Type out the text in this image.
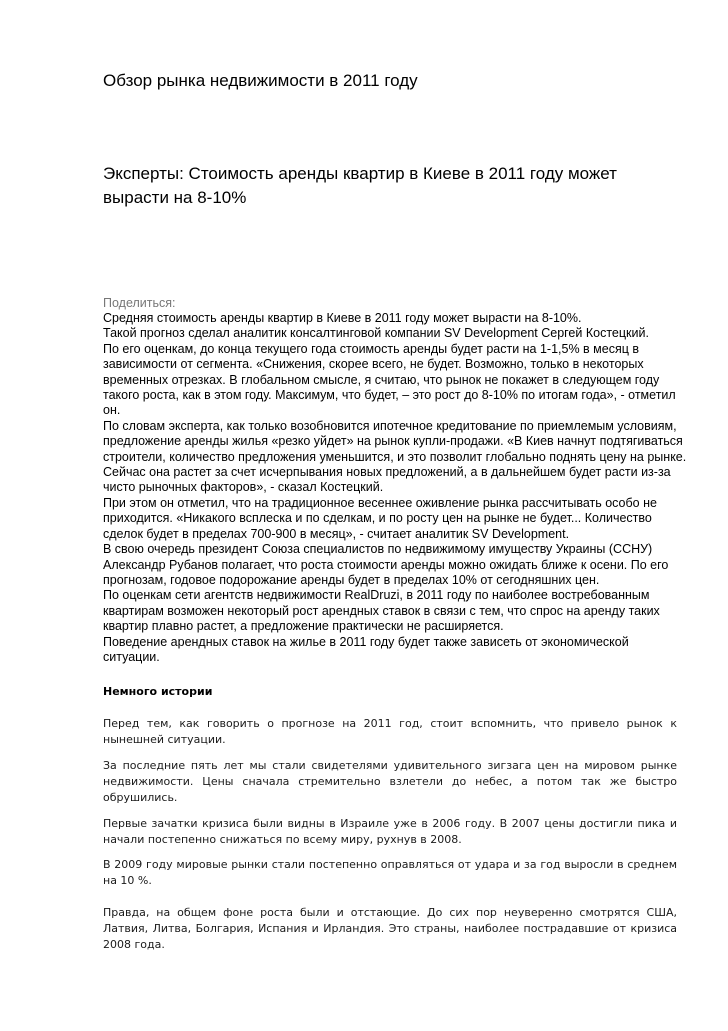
Обзор рынка недвижимости в 2011 году
Эксперты: Стоимость аренды квартир в Киеве в 2011 году может вырасти на 8-10%
Поделиться:

Средняя стоимость аренды квартир в Киеве в 2011 году может вырасти на 8-10%.

Такой прогноз сделал аналитик консалтинговой компании SV Development Сергей Костецкий.

По его оценкам, до конца текущего года стоимость аренды будет расти на 1-1,5% в месяц в зависимости от сегмента. «Снижения, скорее всего, не будет. Возможно, только в некоторых временных отрезках. В глобальном смысле, я считаю, что рынок не покажет в следующем году такого роста, как в этом году. Максимум, что будет, – это рост до 8-10% по итогам года», - отметил он.

По словам эксперта, как только возобновится ипотечное кредитование по приемлемым условиям, предложение аренды жилья «резко уйдет» на рынок купли-продажи. «В Киев начнут подтягиваться строители, количество предложения уменьшится, и это позволит глобально поднять цену на рынке. Сейчас она растет за счет исчерпывания новых предложений, а в дальнейшем будет расти из-за чисто рыночных факторов», - сказал Костецкий.

При этом он отметил, что на традиционное весеннее оживление рынка рассчитывать особо не приходится. «Никакого всплеска и по сделкам, и по росту цен на рынке не будет... Количество сделок будет в пределах 700-900 в месяц», - считает аналитик SV Development.

В свою очередь президент Союза специалистов по недвижимому имуществу Украины (ССНУ) Александр Рубанов полагает, что роста стоимости аренды можно ожидать ближе к осени. По его прогнозам, годовое подорожание аренды будет в пределах 10% от сегодняшних цен.

По оценкам сети агентств недвижимости RealDruzi, в 2011 году по наиболее востребованным квартирам возможен некоторый рост арендных ставок в связи с тем, что спрос на аренду таких квартир плавно растет, а предложение практически не расширяется.

Поведение арендных ставок на жилье в 2011 году будет также зависеть от экономической ситуации.

Немного истории

Перед тем, как говорить о прогнозе на 2011 год, стоит вспомнить, что привело рынок к нынешней ситуации.

За последние пять лет мы стали свидетелями удивительного зигзага цен на мировом рынке недвижимости. Цены сначала стремительно взлетели до небес, а потом так же быстро обрушились.

Первые зачатки кризиса были видны в Израиле уже в 2006 году. В 2007 цены достигли пика и начали постепенно снижаться по всему миру, рухнув в 2008.

В 2009 году мировые рынки стали постепенно оправляться от удара и за год выросли в среднем на 10 %.

Правда, на общем фоне роста были и отстающие. До сих пор неуверенно смотрятся США, Латвия, Литва, Болгария, Испания и Ирландия. Это страны, наиболее пострадавшие от кризиса 2008 года.
